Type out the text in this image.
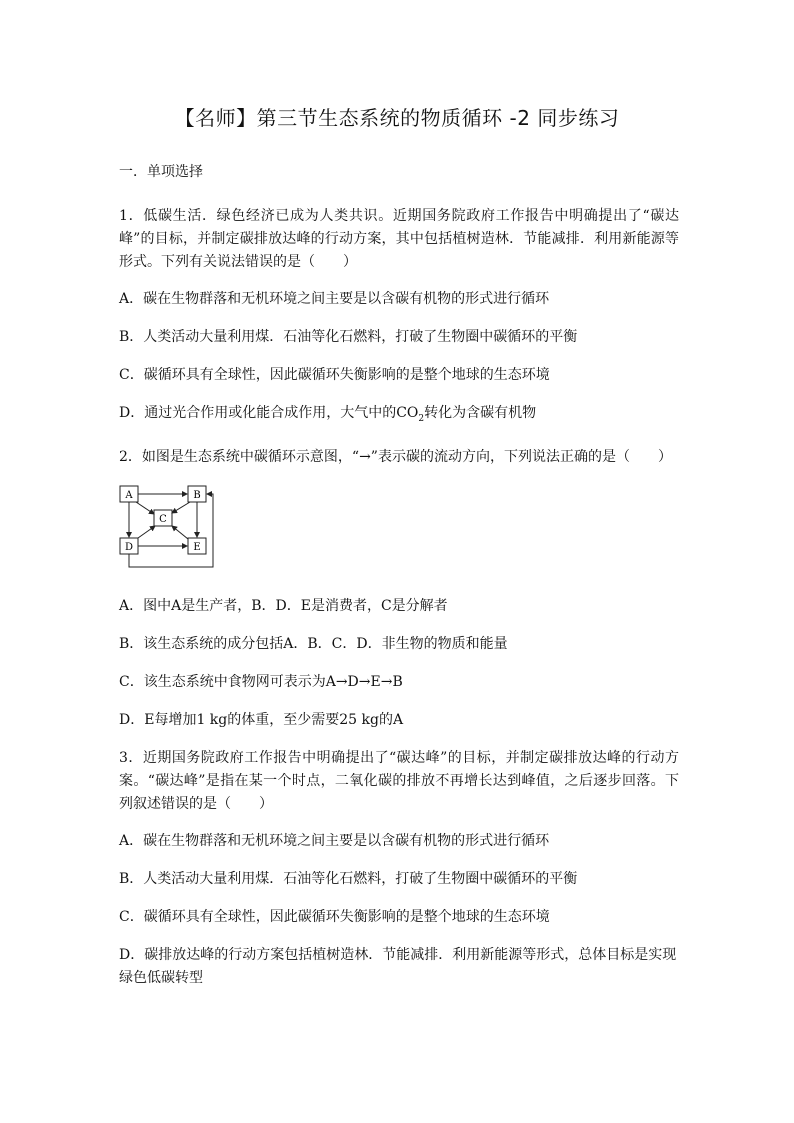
【名师】第三节生态系统的物质循环 -2 同步练习
一．单项选择

1．低碳生活．绿色经济已成为人类共识。近期国务院政府工作报告中明确提出了“碳达峰”的目标，并制定碳排放达峰的行动方案，其中包括植树造林．节能减排．利用新能源等形式。下列有关说法错误的是（　　）

A．碳在生物群落和无机环境之间主要是以含碳有机物的形式进行循环

B．人类活动大量利用煤．石油等化石燃料，打破了生物圈中碳循环的平衡

C．碳循环具有全球性，因此碳循环失衡影响的是整个地球的生态环境

D．通过光合作用或化能合成作用，大气中的$CO_2$转化为含碳有机物

2．如图是生态系统中碳循环示意图，“→”表示碳的流动方向，下列说法正确的是（　　）

A	B
C
D	E

A．图中A是生产者，B．D．E是消费者，C是分解者

B．该生态系统的成分包括A．B．C．D．非生物的物质和能量

C．该生态系统中食物网可表示为A→D→E→B

D．E每增加1 kg的体重，至少需要25 kg的A

3．近期国务院政府工作报告中明确提出了“碳达峰”的目标，并制定碳排放达峰的行动方案。“碳达峰”是指在某一个时点，二氧化碳的排放不再增长达到峰值，之后逐步回落。下列叙述错误的是（　　）

A．碳在生物群落和无机环境之间主要是以含碳有机物的形式进行循环

B．人类活动大量利用煤．石油等化石燃料，打破了生物圈中碳循环的平衡

C．碳循环具有全球性，因此碳循环失衡影响的是整个地球的生态环境

D．碳排放达峰的行动方案包括植树造林．节能减排．利用新能源等形式，总体目标是实现绿色低碳转型
